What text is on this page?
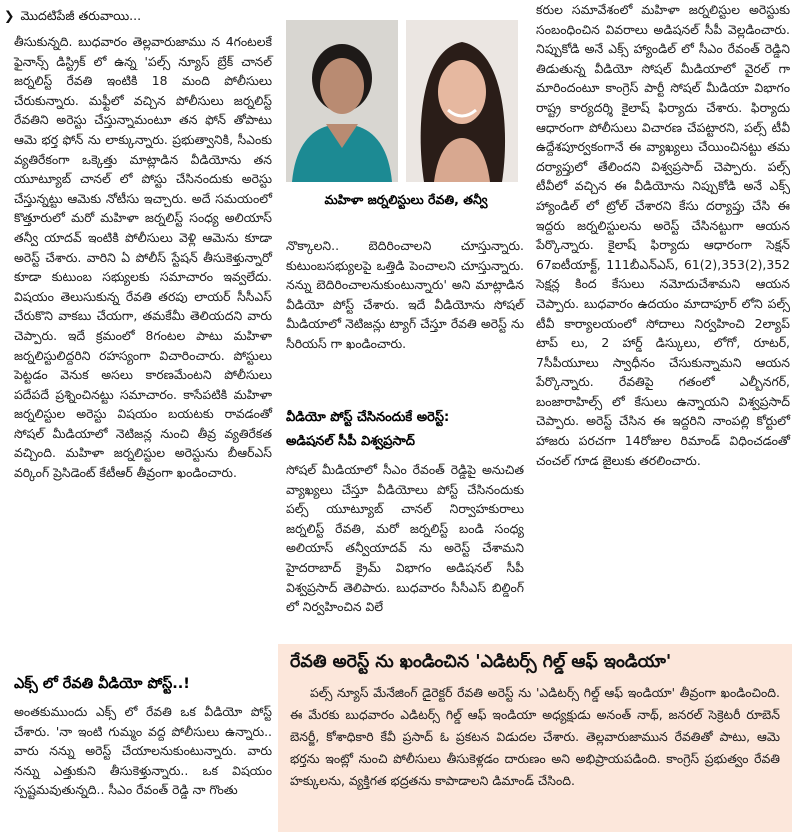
❯ మొదటిపేజీ తరువాయి...

తీసుకున్నది. బుధవారం తెల్లవారుజాము న 4గంటలకే ఫైనాన్స్ డిస్ట్రిక్ లో ఉన్న 'పల్స్ న్యూస్ బ్రేక్ చానల్ జర్నలిస్ట్ రేవతి ఇంటికి 18 మంది పోలీసులు చేరుకున్నారు. మఫ్టీలో వచ్చిన పోలీసులు జర్నలిస్ట్ రేవతిని అరెస్టు చేస్తున్నామంటూ తన ఫోన్ తోపాటు ఆమె భర్త ఫోన్ ను లాక్కున్నారు. ప్రభుత్వానికి, సీఎంకు వ్యతిరేకంగా ఒక్కెత్తు మాట్లాడిన వీడియోను తన యూట్యూబ్ చానల్ లో పోస్టు చేసినందుకు అరెస్టు చేస్తున్నట్టు ఆమెకు నోటీసు ఇచ్చారు. అదే సమయంలో కొత్తూరులో మరో మహిళా జర్నలిస్ట్ సంధ్య అలియాస్ తన్వీ యాదవ్ ఇంటికి పోలీసులు వెళ్లి ఆమెను కూడా అరెస్ట్ చేశారు. వారిని ఏ పోలీస్ స్టేషన్ తీసుకెళ్తున్నారో కూడా కుటుంబ సభ్యులకు సమాచారం ఇవ్వలేదు. విషయం తెలుసుకున్న రేవతి తరపు లాయర్ సీసీఎస్ చేరుకొని వాకబు చేయగా, తమకేమీ తెలియదని వారు చెప్పారు. ఇదే క్రమంలో 8గంటల పాటు మహిళా జర్నలిస్టులిద్దరిని రహస్యంగా విచారించారు. పోస్టులు పెట్టడం వెనుక అసలు కారణమేంటని పోలీసులు పదేపదే ప్రశ్నించినట్టు సమాచారం. కాసేపటికి మహిళా జర్నలిస్టుల అరెస్టు విషయం బయటకు రావడంతో సోషల్ మీడియాలో నెటిజన్ల నుంచి తీవ్ర వ్యతిరేకత వచ్చింది. మహిళా జర్నలిస్టుల అరెస్టును బీఆర్ఎస్ వర్కింగ్ ప్రెసిడెంట్ కేటీఆర్ తీవ్రంగా ఖండించారు.

ఎక్స్ లో రేవతి వీడియో పోస్ట్..!

అంతకుముందు ఎక్స్ లో రేవతి ఒక వీడియో పోస్ట్ చేశారు. 'నా ఇంటి గుమ్మం వద్ద పోలీసులు ఉన్నారు.. వారు నన్ను అరెస్ట్ చేయాలనుకుంటున్నారు. వారు నన్ను ఎత్తుకుని తీసుకెళ్తున్నారు.. ఒక విషయం స్పష్టమవుతున్నది.. సీఎం రేవంత్ రెడ్డి నా గొంతు

మహిళా జర్నలిస్టులు రేవతి, తన్వీ

నొక్కాలని.. బెదిరించాలని చూస్తున్నారు. కుటుంబసభ్యులపై ఒత్తిడి పెంచాలని చూస్తున్నారు. నన్ను బెదిరించాలనుకుంటున్నారు' అని మాట్లాడిన వీడియో పోస్ట్ చేశారు. ఇదే వీడియోను సోషల్ మీడియాలో నెటిజన్లు ట్యాగ్ చేస్తూ రేవతి అరెస్ట్ ను సీరియస్ గా ఖండించారు.

వీడియో పోస్ట్ చేసినందుకే అరెస్ట్:
అడిషనల్ సీపీ విశ్వప్రసాద్

సోషల్ మీడియాలో సీఎం రేవంత్ రెడ్డిపై అనుచిత వ్యాఖ్యలు చేస్తూ వీడియోలు పోస్ట్ చేసినందుకు పల్స్ యూట్యూబ్ చానల్ నిర్వాహకురాలు జర్నలిస్ట్ రేవతి, మరో జర్నలిస్ట్ బండి సంధ్య అలియాస్ తన్వీయాదవ్ ను అరెస్ట్ చేశామని హైదరాబాద్ క్రైమ్ విభాగం అడిషనల్ సీపీ విశ్వప్రసాద్ తెలిపారు. బుధవారం సీసీఎస్ బిల్డింగ్ లో నిర్వహించిన విలే

కరుల సమావేశంలో మహిళా జర్నలిస్టుల అరెస్టుకు సంబంధించిన వివరాలు అడిషనల్ సీపీ వెల్లడించారు. నిప్పుకోడి అనే ఎక్స్ హ్యాండిల్ లో సీఎం రేవంత్ రెడ్డిని తిడుతున్న వీడియో సోషల్ మీడియాలో వైరల్ గా మారిందంటూ కాంగ్రెస్ పార్టీ సోషల్ మీడియా విభాగం రాష్ట్ర కార్యదర్శి కైలాష్ ఫిర్యాదు చేశారు. ఫిర్యాదు ఆధారంగా పోలీసులు విచారణ చేపట్టారని, పల్స్ టీవీ ఉద్దేశపూర్వకంగానే ఈ వ్యాఖ్యలు చేయించినట్టు తమ దర్యాప్తులో తేలిందని విశ్వప్రసాద్ చెప్పారు. పల్స్ టీవీలో వచ్చిన ఈ వీడియోను నిప్పుకోడి అనే ఎక్స్ హ్యాండిల్ లో ట్రోల్ చేశారని కేసు దర్యాప్తు చేసి ఈ ఇద్దరు జర్నలిస్టులను అరెస్ట్ చేసినట్టుగా ఆయన పేర్కొన్నారు. కైలాష్ ఫిర్యాదు ఆధారంగా సెక్షన్ 67ఐటీయాక్ట్, 111బీఎన్ఎస్, 61(2),353(2),352 సెక్షన్ల కింద కేసులు నమోదుచేశామని ఆయన చెప్పారు. బుధవారం ఉదయం మాదాపూర్ లోని పల్స్ టీవీ కార్యాలయంలో సోదాలు నిర్వహించి 2ల్యాప్ టాప్ లు, 2 హార్డ్ డిస్కులు, లోగో, రూటర్, 7సీపీయూలు స్వాధీనం చేసుకున్నామని ఆయన పేర్కొన్నారు. రేవతిపై గతంలో ఎల్బీనగర్, బంజారాహిల్స్ లో కేసులు ఉన్నాయని విశ్వప్రసాద్ చెప్పారు. అరెస్ట్ చేసిన ఈ ఇద్దరిని నాంపల్లి కోర్టులో హాజరు పరచగా 14రోజుల రిమాండ్ విధించడంతో చంచల్ గూడ జైలుకు తరలించారు.

రేవతి అరెస్ట్ ను ఖండించిన 'ఎడిటర్స్ గిల్డ్ ఆఫ్ ఇండియా'
పల్స్ న్యూస్ మేనేజింగ్ డైరెక్టర్ రేవతి అరెస్ట్ ను 'ఎడిటర్స్ గిల్డ్ ఆఫ్ ఇండియా' తీవ్రంగా ఖండించింది. ఈ మేరకు బుధవారం ఎడిటర్స్ గిల్డ్ ఆఫ్ ఇండియా అధ్యక్షుడు అనంత్ నాథ్, జనరల్ సెక్రెటరీ రూబెన్ బెనర్జీ, కోశాధికారి కేవీ ప్రసాద్ ఓ ప్రకటన విడుదల చేశారు. తెల్లవారుజామున రేవతితో పాటు, ఆమె భర్తను ఇంట్లో నుంచి పోలీసులు తీసుకెళ్లడం దారుణం అని అభిప్రాయపడింది. కాంగ్రెస్ ప్రభుత్వం రేవతి హక్కులను, వ్యక్తిగత భద్రతను కాపాడాలని డిమాండ్ చేసింది.
